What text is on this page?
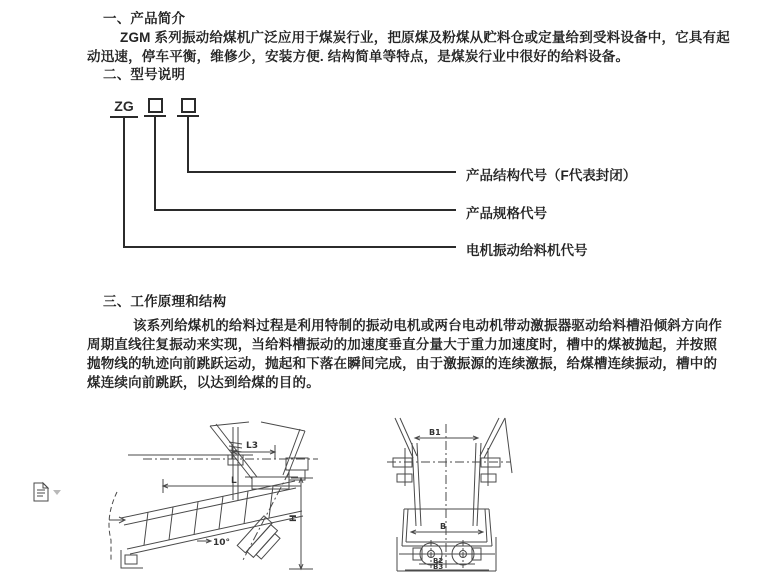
一、产品简介
ZGM 系列振动给煤机广泛应用于煤炭行业，把原煤及粉煤从贮料仓或定量给到受料设备中，它具有起
动迅速，停车平衡，维修少，安装方便. 结构简单等特点，是煤炭行业中很好的给料设备。
二、型号说明
ZG
产品结构代号（F代表封闭）
产品规格代号
电机振动给料机代号
三、工作原理和结构
该系列给煤机的给料过程是利用特制的振动电机或两台电动机带动激振器驱动给料槽沿倾斜方向作
周期直线往复振动来实现，当给料槽振动的加速度垂直分量大于重力加速度时，槽中的煤被抛起，并按照
抛物线的轨迹向前跳跃运动，抛起和下落在瞬间完成，由于激振源的连续激振，给煤槽连续振动，槽中的
煤连续向前跳跃，以达到给煤的目的。
L3
L
10°
H
B1
B
B2
B3
